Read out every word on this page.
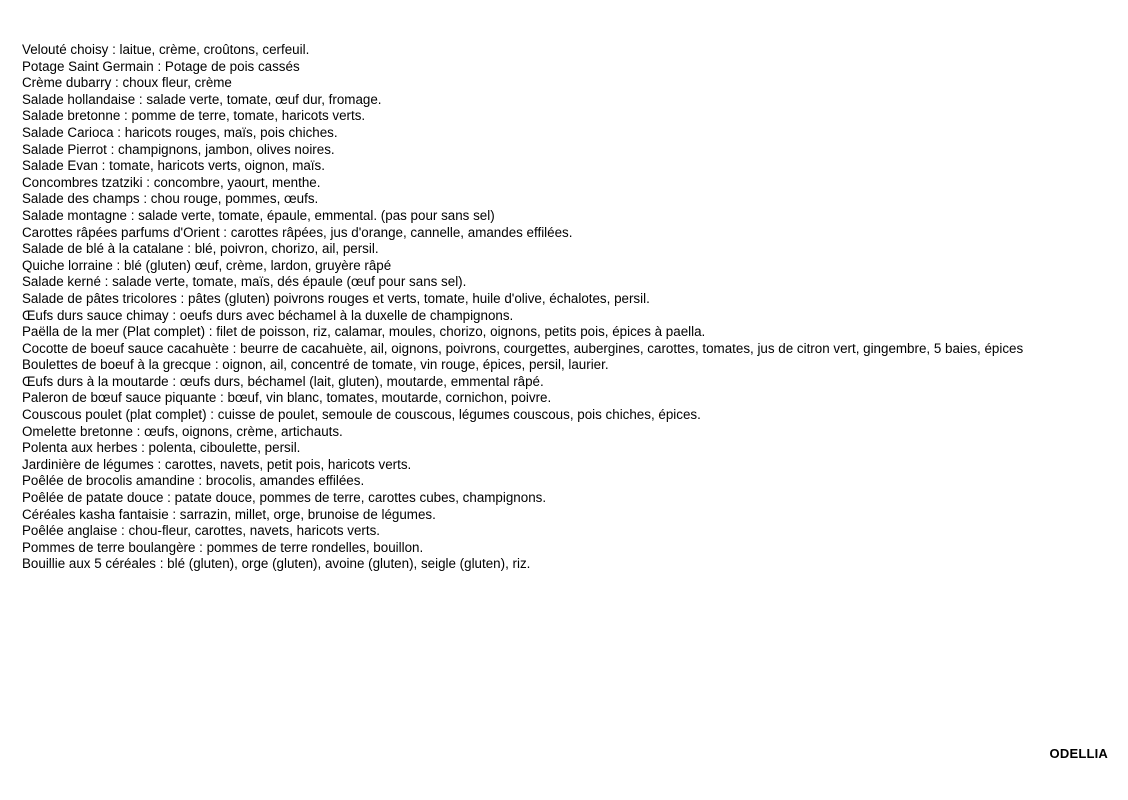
Velouté choisy : laitue, crème, croûtons, cerfeuil.
Potage Saint Germain : Potage de pois cassés
Crème dubarry : choux fleur, crème
Salade hollandaise : salade verte, tomate, œuf dur, fromage.
Salade bretonne : pomme de terre, tomate, haricots verts.
Salade Carioca : haricots rouges, maïs, pois chiches.
Salade Pierrot : champignons, jambon, olives noires.
Salade Evan : tomate, haricots verts, oignon, maïs.
Concombres tzatziki : concombre, yaourt, menthe.
Salade des champs : chou rouge, pommes, œufs.
Salade montagne : salade verte, tomate, épaule, emmental. (pas pour sans sel)
Carottes râpées parfums d'Orient : carottes râpées, jus d'orange, cannelle, amandes effilées.
Salade de blé à la catalane : blé, poivron, chorizo, ail, persil.
Quiche lorraine : blé (gluten) œuf, crème, lardon, gruyère râpé
Salade kerné : salade verte, tomate, maïs, dés épaule (œuf pour sans sel).
Salade de pâtes tricolores : pâtes (gluten) poivrons rouges et verts, tomate, huile d'olive, échalotes, persil.
Œufs durs sauce chimay : oeufs durs avec béchamel à la duxelle de champignons.
Paëlla de la mer (Plat complet) : filet de poisson, riz, calamar, moules, chorizo, oignons, petits pois, épices à paella.
Cocotte de boeuf sauce cacahuète : beurre de cacahuète, ail, oignons, poivrons, courgettes, aubergines, carottes, tomates, jus de citron vert, gingembre, 5 baies, épices
Boulettes de boeuf à la grecque : oignon, ail, concentré de tomate, vin rouge, épices, persil, laurier.
Œufs durs à la moutarde : œufs durs, béchamel (lait, gluten), moutarde, emmental râpé.
Paleron de bœuf sauce piquante : bœuf, vin blanc, tomates, moutarde, cornichon, poivre.
Couscous poulet (plat complet) : cuisse de poulet, semoule de couscous, légumes couscous, pois chiches, épices.
Omelette bretonne : œufs, oignons, crème, artichauts.
Polenta aux herbes : polenta, ciboulette, persil.
Jardinière de légumes : carottes, navets, petit pois, haricots verts.
Poêlée de brocolis amandine : brocolis, amandes effilées.
Poêlée de patate douce : patate douce, pommes de terre, carottes cubes, champignons.
Céréales kasha fantaisie : sarrazin, millet, orge, brunoise de légumes.
Poêlée anglaise : chou-fleur, carottes, navets, haricots verts.
Pommes de terre boulangère : pommes de terre rondelles, bouillon.
Bouillie aux 5 céréales : blé (gluten), orge (gluten), avoine (gluten), seigle (gluten), riz.
ODELLIA
